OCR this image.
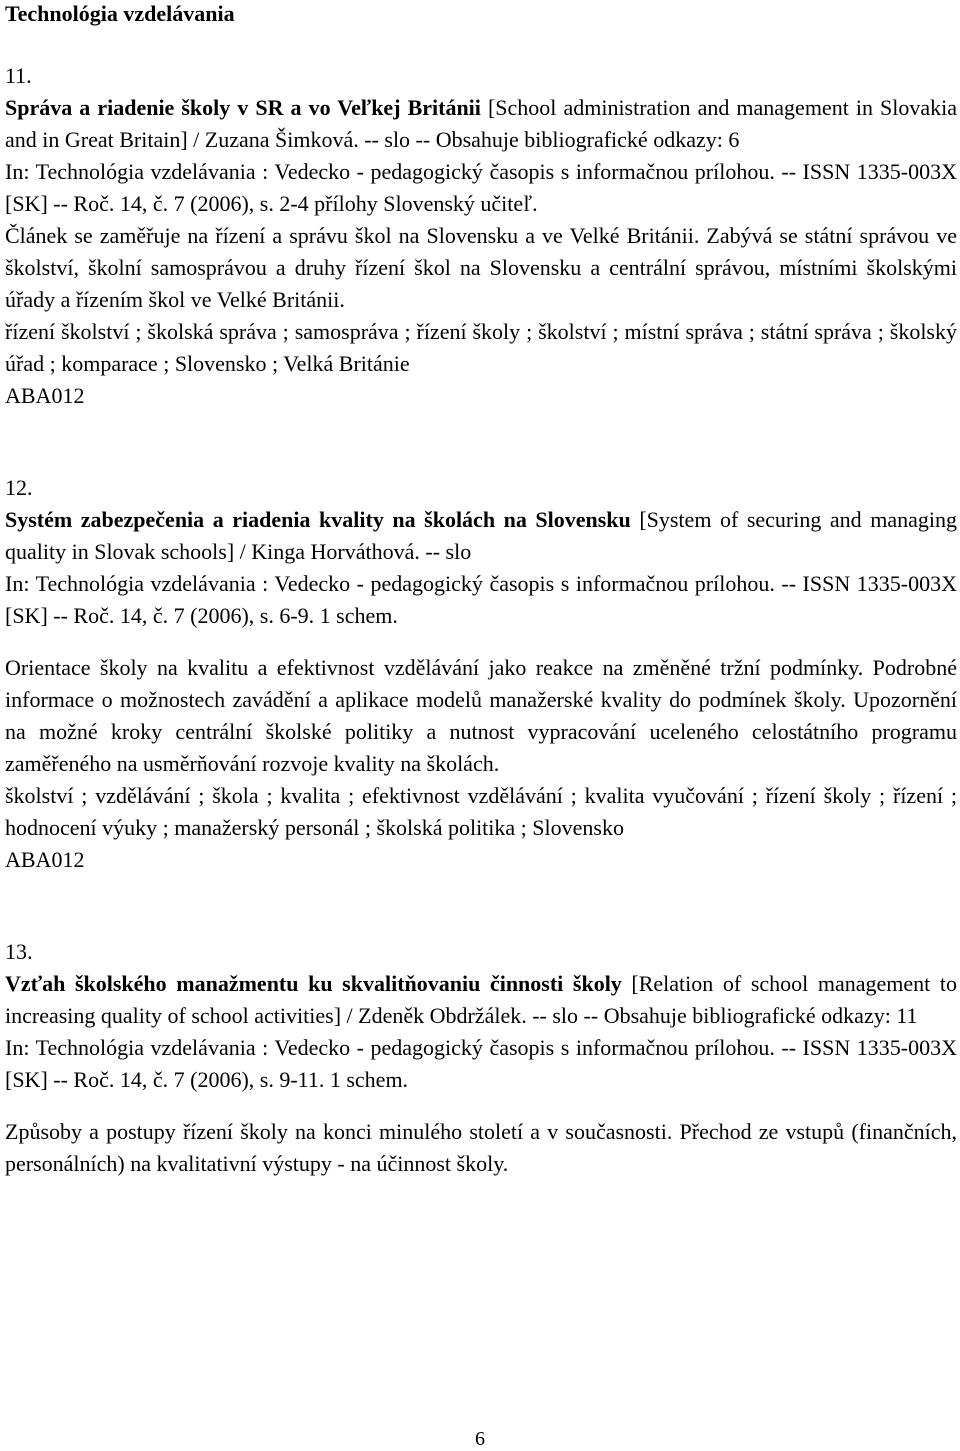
Technológia vzdelávania
11.

Správa a riadenie školy v SR a vo Veľkej Británii [School administration and management in Slovakia and in Great Britain] / Zuzana Šimková. -- slo -- Obsahuje bibliografické odkazy: 6

In: Technológia vzdelávania : Vedecko - pedagogický časopis s informačnou prílohou. -- ISSN 1335-003X [SK] -- Roč. 14, č. 7 (2006), s. 2-4 přílohy Slovenský učiteľ.

Článek se zaměřuje na řízení a správu škol na Slovensku a ve Velké Británii. Zabývá se státní správou ve školství, školní samosprávou a druhy řízení škol na Slovensku a centrální správou, místními školskými úřady a řízením škol ve Velké Británii.

řízení školství ; školská správa ; samospráva ; řízení školy ; školství ; místní správa ; státní správa ; školský úřad ; komparace ; Slovensko ; Velká Británie

ABA012

12.

Systém zabezpečenia a riadenia kvality na školách na Slovensku [System of securing and managing quality in Slovak schools] / Kinga Horváthová. -- slo

In: Technológia vzdelávania : Vedecko - pedagogický časopis s informačnou prílohou. -- ISSN 1335-003X [SK] -- Roč. 14, č. 7 (2006), s. 6-9. 1 schem.

Orientace školy na kvalitu a efektivnost vzdělávání jako reakce na změněné tržní podmínky. Podrobné informace o možnostech zavádění a aplikace modelů manažerské kvality do podmínek školy. Upozornění na možné kroky centrální školské politiky a nutnost vypracování uceleného celostátního programu zaměřeného na usměrňování rozvoje kvality na školách.

školství ; vzdělávání ; škola ; kvalita ; efektivnost vzdělávání ; kvalita vyučování ; řízení školy ; řízení ; hodnocení výuky ; manažerský personál ; školská politika ; Slovensko

ABA012

13.

Vzťah školského manažmentu ku skvalitňovaniu činnosti školy [Relation of school management to increasing quality of school activities] / Zdeněk Obdržálek. -- slo -- Obsahuje bibliografické odkazy: 11

In: Technológia vzdelávania : Vedecko - pedagogický časopis s informačnou prílohou. -- ISSN 1335-003X [SK] -- Roč. 14, č. 7 (2006), s. 9-11. 1 schem.

Způsoby a postupy řízení školy na konci minulého století a v současnosti. Přechod ze vstupů (finančních, personálních) na kvalitativní výstupy - na účinnost školy.

6
